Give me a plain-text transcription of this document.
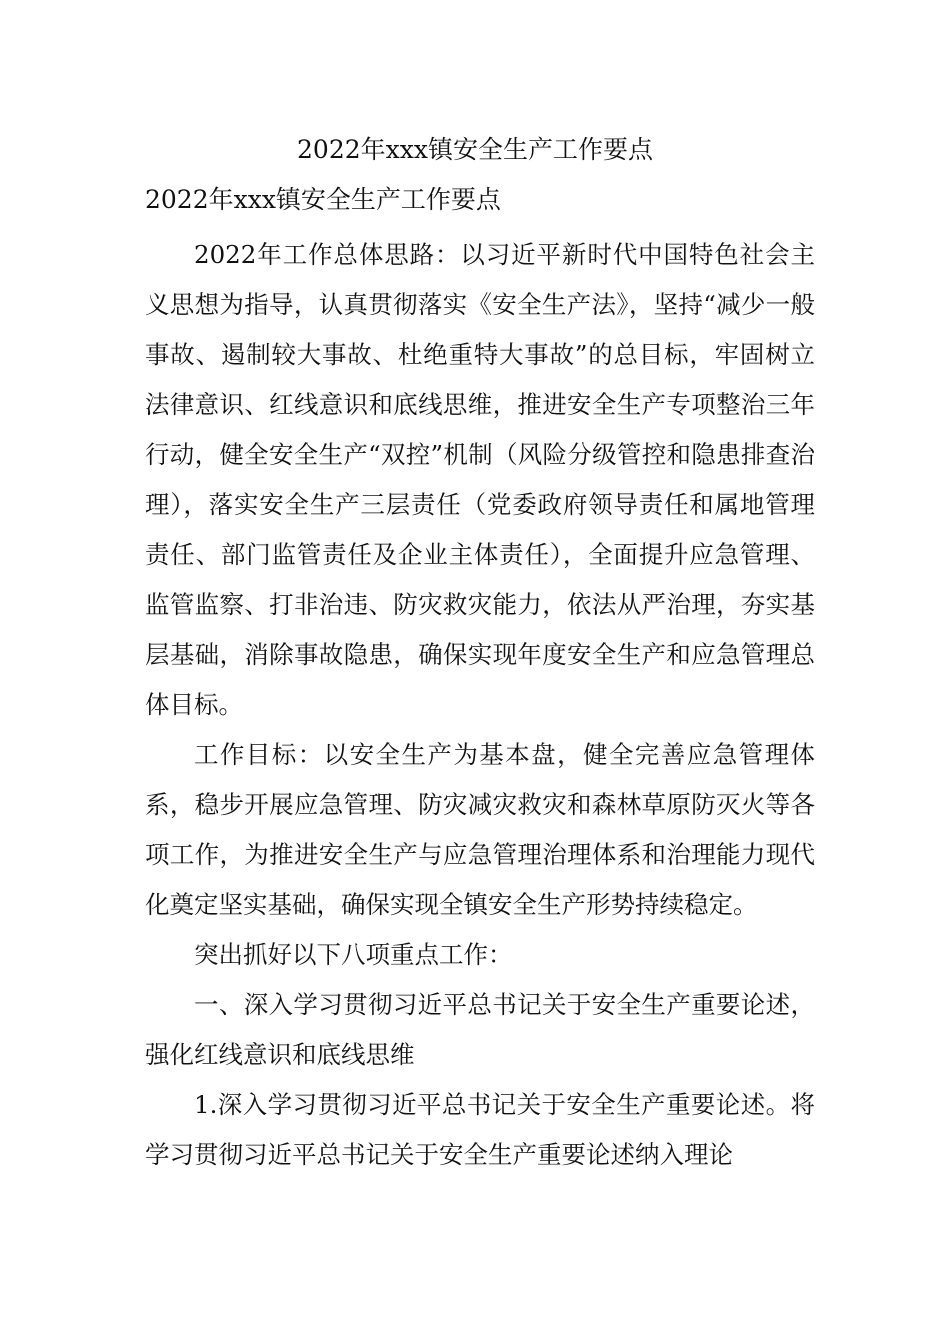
2022年xxx镇安全生产工作要点
2022年xxx镇安全生产工作要点

2022年工作总体思路：以习近平新时代中国特色社会主义思想为指导，认真贯彻落实《安全生产法》，坚持“减少一般事故、遏制较大事故、杜绝重特大事故”的总目标，牢固树立法律意识、红线意识和底线思维，推进安全生产专项整治三年行动，健全安全生产“双控”机制（风险分级管控和隐患排查治理），落实安全生产三层责任（党委政府领导责任和属地管理责任、部门监管责任及企业主体责任），全面提升应急管理、监管监察、打非治违、防灾救灾能力，依法从严治理，夯实基层基础，消除事故隐患，确保实现年度安全生产和应急管理总体目标。

工作目标：以安全生产为基本盘，健全完善应急管理体系，稳步开展应急管理、防灾减灾救灾和森林草原防灭火等各项工作，为推进安全生产与应急管理治理体系和治理能力现代化奠定坚实基础，确保实现全镇安全生产形势持续稳定。

突出抓好以下八项重点工作：

一、深入学习贯彻习近平总书记关于安全生产重要论述，强化红线意识和底线思维

1.深入学习贯彻习近平总书记关于安全生产重要论述。将学习贯彻习近平总书记关于安全生产重要论述纳入理论
